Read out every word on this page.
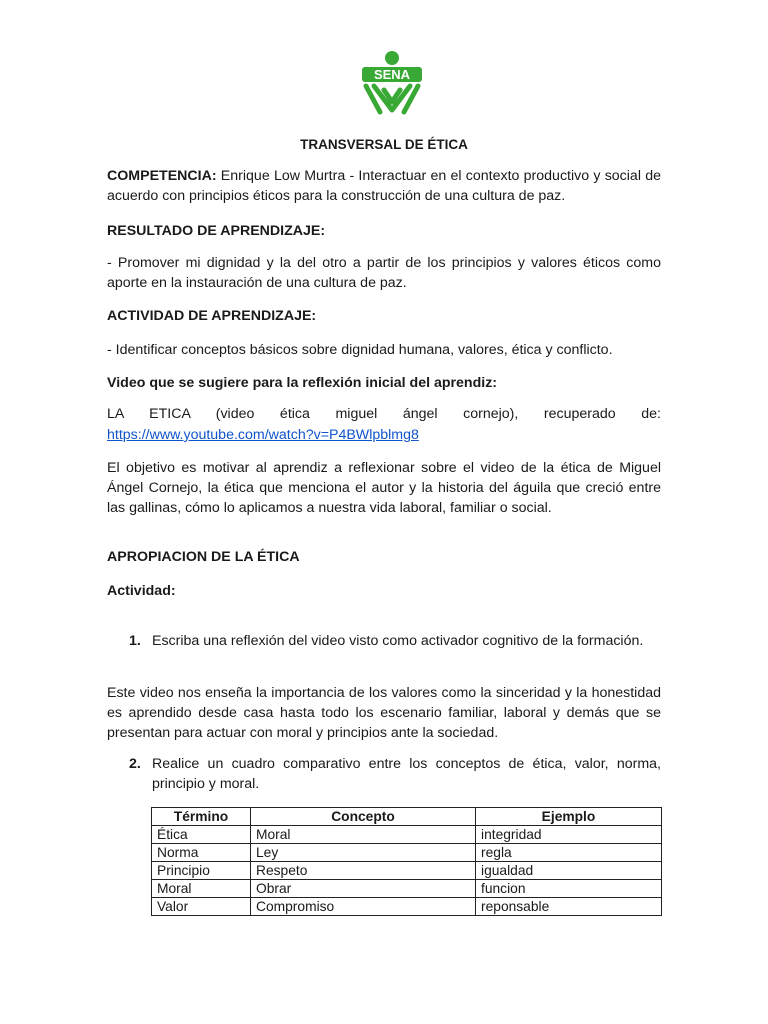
SENA
TRANSVERSAL DE ÉTICA

COMPETENCIA: Enrique Low Murtra - Interactuar en el contexto productivo y social de acuerdo con principios éticos para la construcción de una cultura de paz.

RESULTADO DE APRENDIZAJE:

- Promover mi dignidad y la del otro a partir de los principios y valores éticos como aporte en la instauración de una cultura de paz.

ACTIVIDAD DE APRENDIZAJE:

- Identificar conceptos básicos sobre dignidad humana, valores, ética y conflicto.

Video que se sugiere para la reflexión inicial del aprendiz:

LA ETICA (video ética miguel ángel cornejo), recuperado de:

https://www.youtube.com/watch?v=P4BWlpblmg8

El objetivo es motivar al aprendiz a reflexionar sobre el video de la ética de Miguel Ángel Cornejo, la ética que menciona el autor y la historia del águila que creció entre las gallinas, cómo lo aplicamos a nuestra vida laboral, familiar o social.

APROPIACION DE LA ÉTICA

Actividad:

1. Escriba una reflexión del video visto como activador cognitivo de la formación.

Este video nos enseña la importancia de los valores como la sinceridad y la honestidad es aprendido desde casa hasta todo los escenario familiar, laboral y demás que se presentan para actuar con moral y principios ante la sociedad.

2. Realice un cuadro comparativo entre los conceptos de ética, valor, norma, principio y moral.
Término	Concepto	Ejemplo
Ética	Moral	integridad
Norma	Ley	regla
Principio	Respeto	igualdad
Moral	Obrar	funcion
Valor	Compromiso	reponsable
